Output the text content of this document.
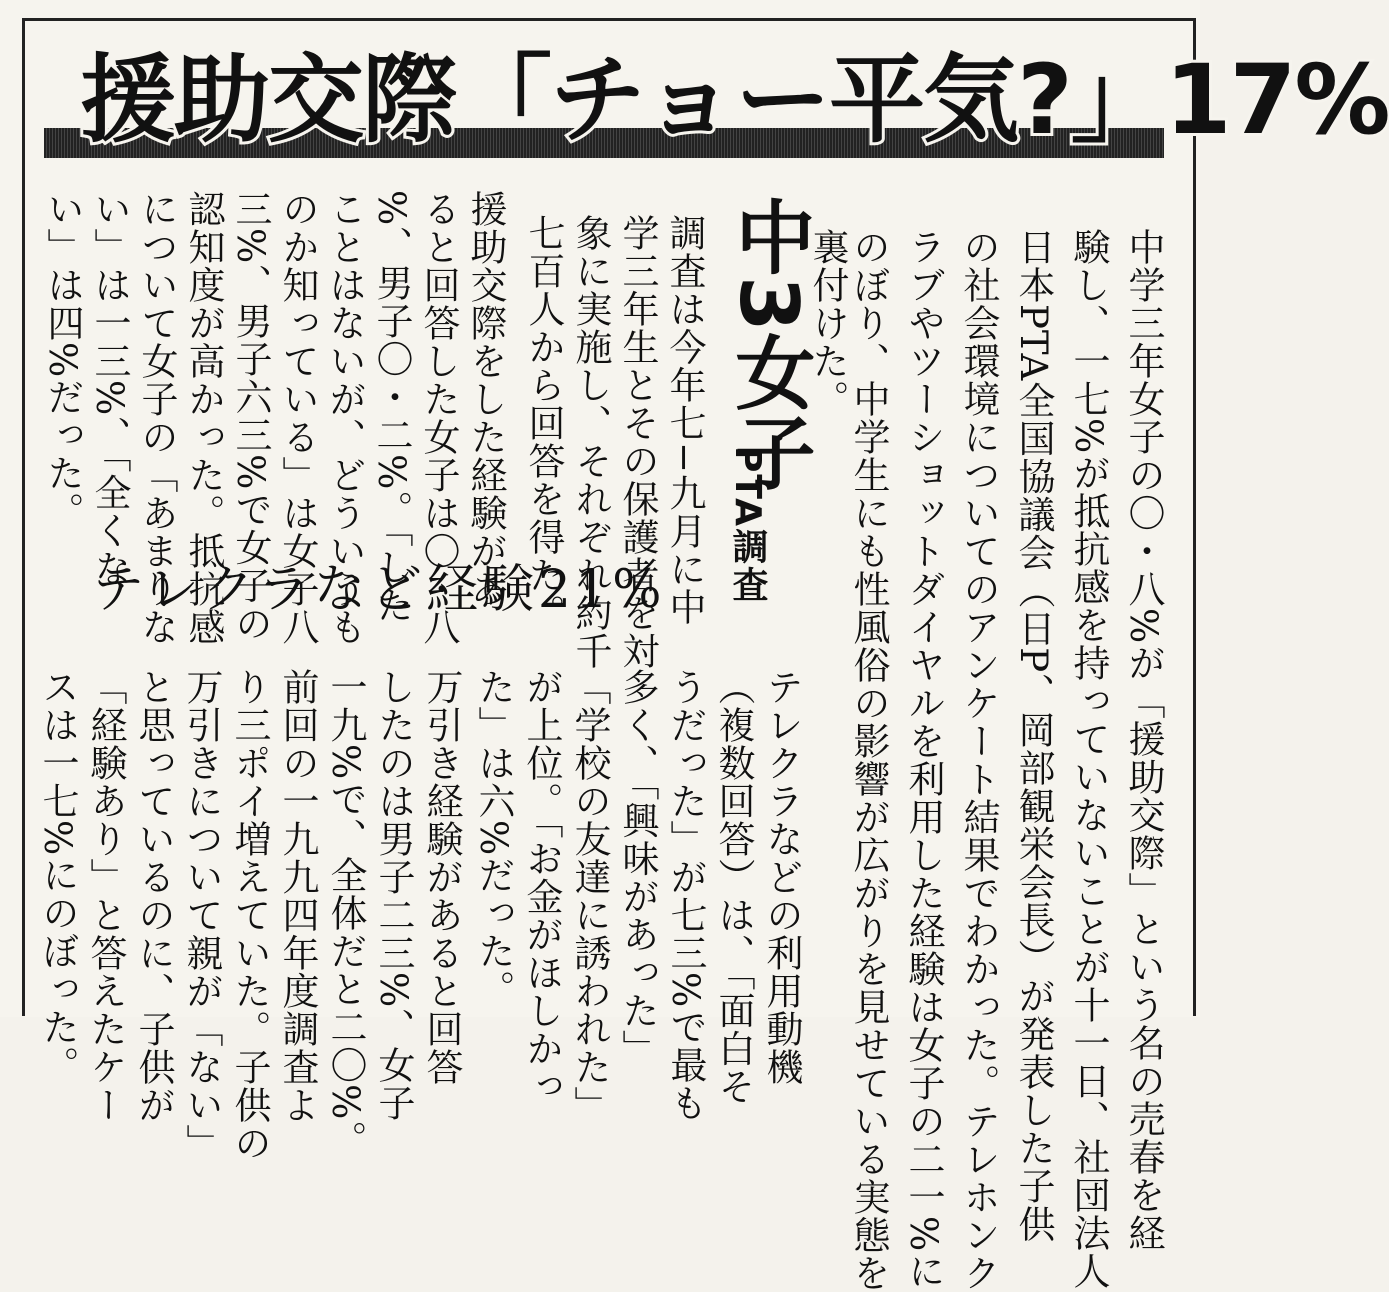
援助交際「チョー平気?」17%
中学三年女子の〇・八%が「援助交際」という名の売春を経
験し、一七%が抵抗感を持っていないことが十一日、社団法人
日本PTA全国協議会（日P、岡部観栄会長）が発表した子供
の社会環境についてのアンケート結果でわかった。テレホンク
ラブやツーショットダイヤルを利用した経験は女子の二一%に
のぼり、中学生にも性風俗の影響が広がりを見せている実態を
裏付けた。
中3女子
PTA調査
テレクラなど経験21%
調査は今年七−九月に中
学三年生とその保護者を対
象に実施し、それぞれ約千
七百人から回答を得た。
援助交際をした経験があ
ると回答した女子は〇・八
%、男子〇・二%。「した
ことはないが、どういうも
のか知っている」は女子八
三%、男子六三%で女子の
認知度が高かった。抵抗感
について女子の「あまりな
い」は一三%、「全くな
い」は四%だった。
テレクラなどの利用動機
（複数回答）は、「面白そ
うだった」が七三%で最も
多く、「興味があった」
「学校の友達に誘われた」
が上位。「お金がほしかっ
た」は六%だった。
万引き経験があると回答
したのは男子二三%、女子
一九%で、全体だと二〇%。
前回の一九九四年度調査よ
り三ポイ増えていた。子供の
万引きについて親が「ない」
と思っているのに、子供が
「経験あり」と答えたケー
スは一七%にのぼった。
